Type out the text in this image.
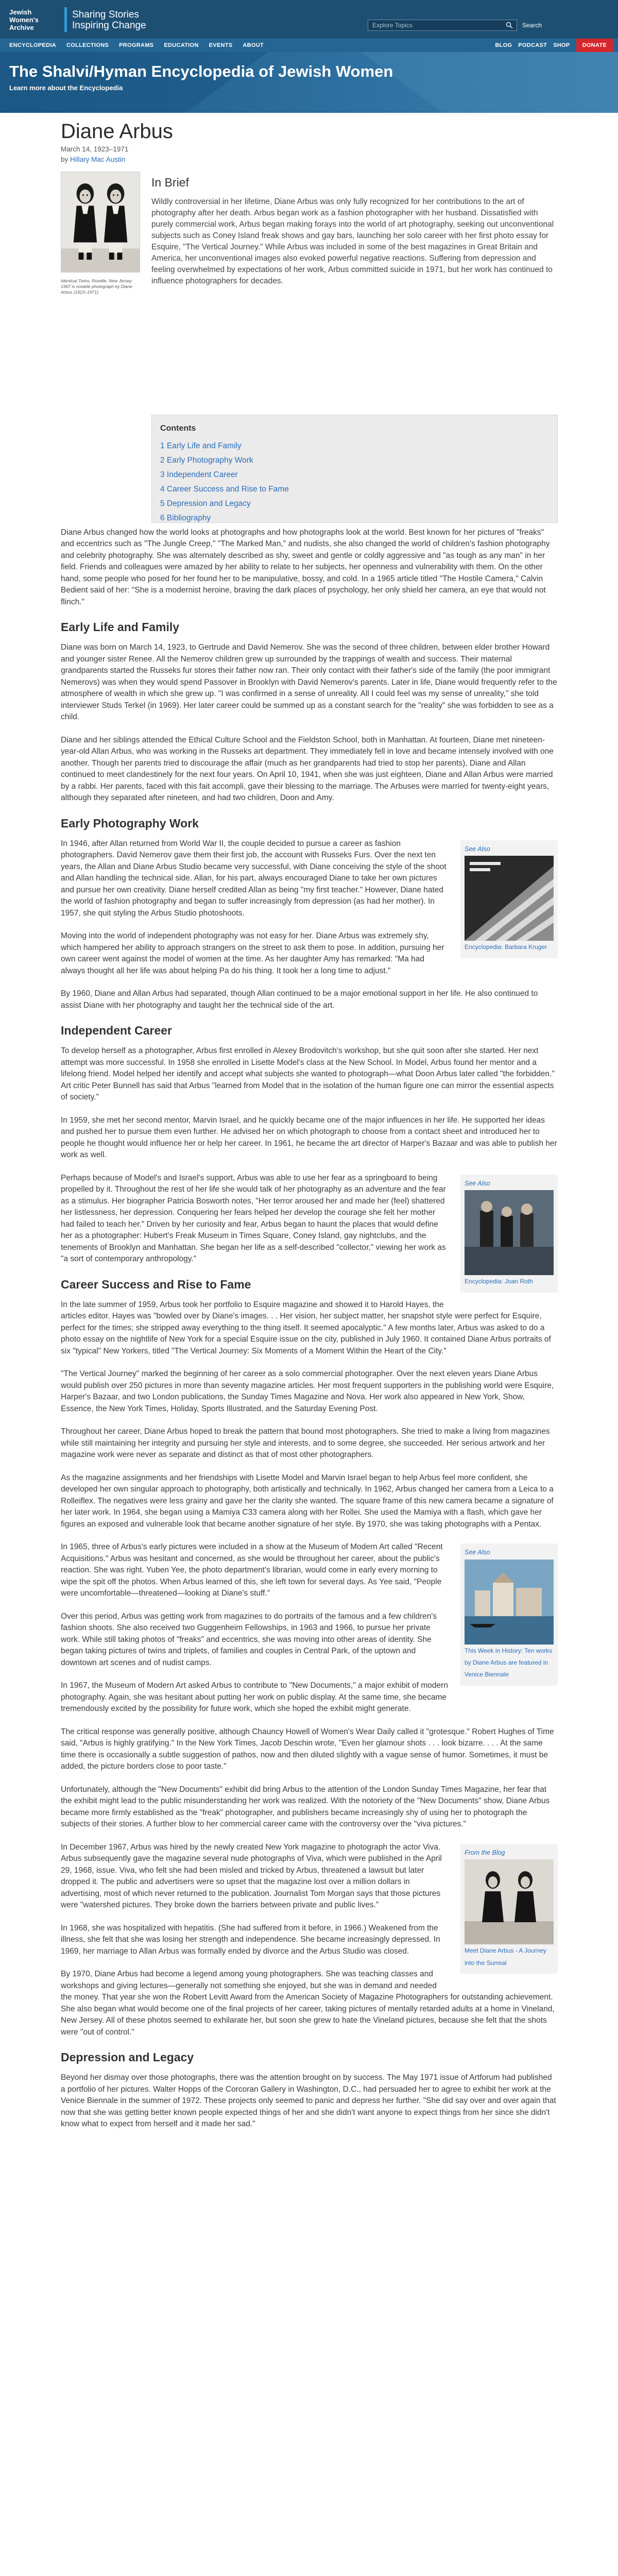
Jewish
Women's
Archive
Sharing Stories
Inspiring Change
Explore Topics	Search
ENCYCLOPEDIA COLLECTIONS PROGRAMS EDUCATION EVENTS ABOUT	BLOG PODCAST SHOP	DONATE
The Shalvi/Hyman Encyclopedia of Jewish Women
Learn more about the Encyclopedia
Diane Arbus
March 14, 1923–1971
by Hillary Mac Austin
Identical Twins, Roselle, New Jersey 1967 is notable photograph by Diane Arbus (1923–1971).
In Brief

Wildly controversial in her lifetime, Diane Arbus was only fully recognized for her contributions to the art of photography after her death. Arbus began work as a fashion photographer with her husband. Dissatisfied with purely commercial work, Arbus began making forays into the world of art photography, seeking out unconventional subjects such as Coney Island freak shows and gay bars, launching her solo career with her first photo essay for Esquire, "The Vertical Journey." While Arbus was included in some of the best magazines in Great Britain and America, her unconventional images also evoked powerful negative reactions. Suffering from depression and feeling overwhelmed by expectations of her work, Arbus committed suicide in 1971, but her work has continued to influence photographers for decades.

Contents
1 Early Life and Family
2 Early Photography Work
3 Independent Career
4 Career Success and Rise to Fame
5 Depression and Legacy
6 Bibliography

Diane Arbus changed how the world looks at photographs and how photographs look at the world. Best known for her pictures of "freaks" and eccentrics such as "The Jungle Creep," "The Marked Man," and nudists, she also changed the world of children's fashion photography and celebrity photography. She was alternately described as shy, sweet and gentle or coldly aggressive and "as tough as any man" in her field. Friends and colleagues were amazed by her ability to relate to her subjects, her openness and vulnerability with them. On the other hand, some people who posed for her found her to be manipulative, bossy, and cold. In a 1965 article titled "The Hostile Camera," Calvin Bedient said of her: "She is a modernist heroine, braving the dark places of psychology, her only shield her camera, an eye that would not flinch."

Early Life and Family

Diane was born on March 14, 1923, to Gertrude and David Nemerov. She was the second of three children, between elder brother Howard and younger sister Renee. All the Nemerov children grew up surrounded by the trappings of wealth and success. Their maternal grandparents started the Russeks fur stores their father now ran. Their only contact with their father's side of the family (the poor immigrant Nemerovs) was when they would spend Passover in Brooklyn with David Nemerov's parents. Later in life, Diane would frequently refer to the atmosphere of wealth in which she grew up. "I was confirmed in a sense of unreality. All I could feel was my sense of unreality," she told interviewer Studs Terkel (in 1969). Her later career could be summed up as a constant search for the "reality" she was forbidden to see as a child.

Diane and her siblings attended the Ethical Culture School and the Fieldston School, both in Manhattan. At fourteen, Diane met nineteen-year-old Allan Arbus, who was working in the Russeks art department. They immediately fell in love and became intensely involved with one another. Though her parents tried to discourage the affair (much as her grandparents had tried to stop her parents), Diane and Allan continued to meet clandestinely for the next four years. On April 10, 1941, when she was just eighteen, Diane and Allan Arbus were married by a rabbi. Her parents, faced with this fait accompli, gave their blessing to the marriage. The Arbuses were married for twenty-eight years, although they separated after nineteen, and had two children, Doon and Amy.

Early Photography Work
See Also
Encyclopedia: Barbara Kruger

In 1946, after Allan returned from World War II, the couple decided to pursue a career as fashion photographers. David Nemerov gave them their first job, the account with Russeks Furs. Over the next ten years, the Allan and Diane Arbus Studio became very successful, with Diane conceiving the style of the shoot and Allan handling the technical side. Allan, for his part, always encouraged Diane to take her own pictures and pursue her own creativity. Diane herself credited Allan as being "my first teacher." However, Diane hated the world of fashion photography and began to suffer increasingly from depression (as had her mother). In 1957, she quit styling the Arbus Studio photoshoots.

Moving into the world of independent photography was not easy for her. Diane Arbus was extremely shy, which hampered her ability to approach strangers on the street to ask them to pose. In addition, pursuing her own career went against the model of women at the time. As her daughter Amy has remarked: "Ma had always thought all her life was about helping Pa do his thing. It took her a long time to adjust."

By 1960, Diane and Allan Arbus had separated, though Allan continued to be a major emotional support in her life. He also continued to assist Diane with her photography and taught her the technical side of the art.

Independent Career

To develop herself as a photographer, Arbus first enrolled in Alexey Brodovitch's workshop, but she quit soon after she started. Her next attempt was more successful. In 1958 she enrolled in Lisette Model's class at the New School. In Model, Arbus found her mentor and a lifelong friend. Model helped her identify and accept what subjects she wanted to photograph—what Doon Arbus later called "the forbidden." Art critic Peter Bunnell has said that Arbus "learned from Model that in the isolation of the human figure one can mirror the essential aspects of society."

In 1959, she met her second mentor, Marvin Israel, and he quickly became one of the major influences in her life. He supported her ideas and pushed her to pursue them even further. He advised her on which photograph to choose from a contact sheet and introduced her to people he thought would influence her or help her career. In 1961, he became the art director of Harper's Bazaar and was able to publish her work as well.

See Also
Encyclopedia: Joan Roth

Perhaps because of Model's and Israel's support, Arbus was able to use her fear as a springboard to being propelled by it. Throughout the rest of her life she would talk of her photography as an adventure and the fear as a stimulus. Her biographer Patricia Bosworth notes, "Her terror aroused her and made her (feel) shattered her listlessness, her depression. Conquering her fears helped her develop the courage she felt her mother had failed to teach her." Driven by her curiosity and fear, Arbus began to haunt the places that would define her as a photographer: Hubert's Freak Museum in Times Square, Coney Island, gay nightclubs, and the tenements of Brooklyn and Manhattan. She began her life as a self-described "collector," viewing her work as "a sort of contemporary anthropology."

Career Success and Rise to Fame

In the late summer of 1959, Arbus took her portfolio to Esquire magazine and showed it to Harold Hayes, the articles editor. Hayes was "bowled over by Diane's images. . . Her vision, her subject matter, her snapshot style were perfect for Esquire, perfect for the times; she stripped away everything to the thing itself. It seemed apocalyptic." A few months later, Arbus was asked to do a photo essay on the nightlife of New York for a special Esquire issue on the city, published in July 1960. It contained Diane Arbus portraits of six "typical" New Yorkers, titled "The Vertical Journey: Six Moments of a Moment Within the Heart of the City."

"The Vertical Journey" marked the beginning of her career as a solo commercial photographer. Over the next eleven years Diane Arbus would publish over 250 pictures in more than seventy magazine articles. Her most frequent supporters in the publishing world were Esquire, Harper's Bazaar, and two London publications, the Sunday Times Magazine and Nova. Her work also appeared in New York, Show, Essence, the New York Times, Holiday, Sports Illustrated, and the Saturday Evening Post.

Throughout her career, Diane Arbus hoped to break the pattern that bound most photographers. She tried to make a living from magazines while still maintaining her integrity and pursuing her style and interests, and to some degree, she succeeded. Her serious artwork and her magazine work were never as separate and distinct as that of most other photographers.

As the magazine assignments and her friendships with Lisette Model and Marvin Israel began to help Arbus feel more confident, she developed her own singular approach to photography, both artistically and technically. In 1962, Arbus changed her camera from a Leica to a Rolleiflex. The negatives were less grainy and gave her the clarity she wanted. The square frame of this new camera became a signature of her later work. In 1964, she began using a Mamiya C33 camera along with her Rollei. She used the Mamiya with a flash, which gave her figures an exposed and vulnerable look that became another signature of her style. By 1970, she was taking photographs with a Pentax.

See Also
This Week in History: Ten works by Diane Arbus are featured in Venice Biennale

In 1965, three of Arbus's early pictures were included in a show at the Museum of Modern Art called "Recent Acquisitions." Arbus was hesitant and concerned, as she would be throughout her career, about the public's reaction. She was right. Yuben Yee, the photo department's librarian, would come in early every morning to wipe the spit off the photos. When Arbus learned of this, she left town for several days. As Yee said, "People were uncomfortable—threatened—looking at Diane's stuff."

Over this period, Arbus was getting work from magazines to do portraits of the famous and a few children's fashion shoots. She also received two Guggenheim Fellowships, in 1963 and 1966, to pursue her private work. While still taking photos of "freaks" and eccentrics, she was moving into other areas of identity. She began taking pictures of twins and triplets, of families and couples in Central Park, of the uptown and downtown art scenes and of nudist camps.

In 1967, the Museum of Modern Art asked Arbus to contribute to "New Documents," a major exhibit of modern photography. Again, she was hesitant about putting her work on public display. At the same time, she became tremendously excited by the possibility for future work, which she hoped the exhibit might generate.

The critical response was generally positive, although Chauncy Howell of Women's Wear Daily called it "grotesque." Robert Hughes of Time said, "Arbus is highly gratifying." In the New York Times, Jacob Deschin wrote, "Even her glamour shots . . . look bizarre. . . . At the same time there is occasionally a subtle suggestion of pathos, now and then diluted slightly with a vague sense of humor. Sometimes, it must be added, the picture borders close to poor taste."

Unfortunately, although the "New Documents" exhibit did bring Arbus to the attention of the London Sunday Times Magazine, her fear that the exhibit might lead to the public misunderstanding her work was realized. With the notoriety of the "New Documents" show, Diane Arbus became more firmly established as the "freak" photographer, and publishers became increasingly shy of using her to photograph the subjects of their stories. A further blow to her commercial career came with the controversy over the "viva pictures."

From the Blog
Meet Diane Arbus - A Journey into the Surreal

In December 1967, Arbus was hired by the newly created New York magazine to photograph the actor Viva. Arbus subsequently gave the magazine several nude photographs of Viva, which were published in the April 29, 1968, issue. Viva, who felt she had been misled and tricked by Arbus, threatened a lawsuit but later dropped it. The public and advertisers were so upset that the magazine lost over a million dollars in advertising, most of which never returned to the publication. Journalist Tom Morgan says that those pictures were "watershed pictures. They broke down the barriers between private and public lives."

In 1968, she was hospitalized with hepatitis. (She had suffered from it before, in 1966.) Weakened from the illness, she felt that she was losing her strength and independence. She became increasingly depressed. In 1969, her marriage to Allan Arbus was formally ended by divorce and the Arbus Studio was closed.

By 1970, Diane Arbus had become a legend among young photographers. She was teaching classes and workshops and giving lectures—generally not something she enjoyed, but she was in demand and needed the money. That year she won the Robert Levitt Award from the American Society of Magazine Photographers for outstanding achievement. She also began what would become one of the final projects of her career, taking pictures of mentally retarded adults at a home in Vineland, New Jersey. All of these photos seemed to exhilarate her, but soon she grew to hate the Vineland pictures, because she felt that the shots were "out of control."

Depression and Legacy

Beyond her dismay over those photographs, there was the attention brought on by success. The May 1971 issue of Artforum had published a portfolio of her pictures. Walter Hopps of the Corcoran Gallery in Washington, D.C., had persuaded her to agree to exhibit her work at the Venice Biennale in the summer of 1972. These projects only seemed to panic and depress her further. "She did say over and over again that now that she was getting better known people expected things of her and she didn't want anyone to expect things from her since she didn't know what to expect from herself and it made her sad."
